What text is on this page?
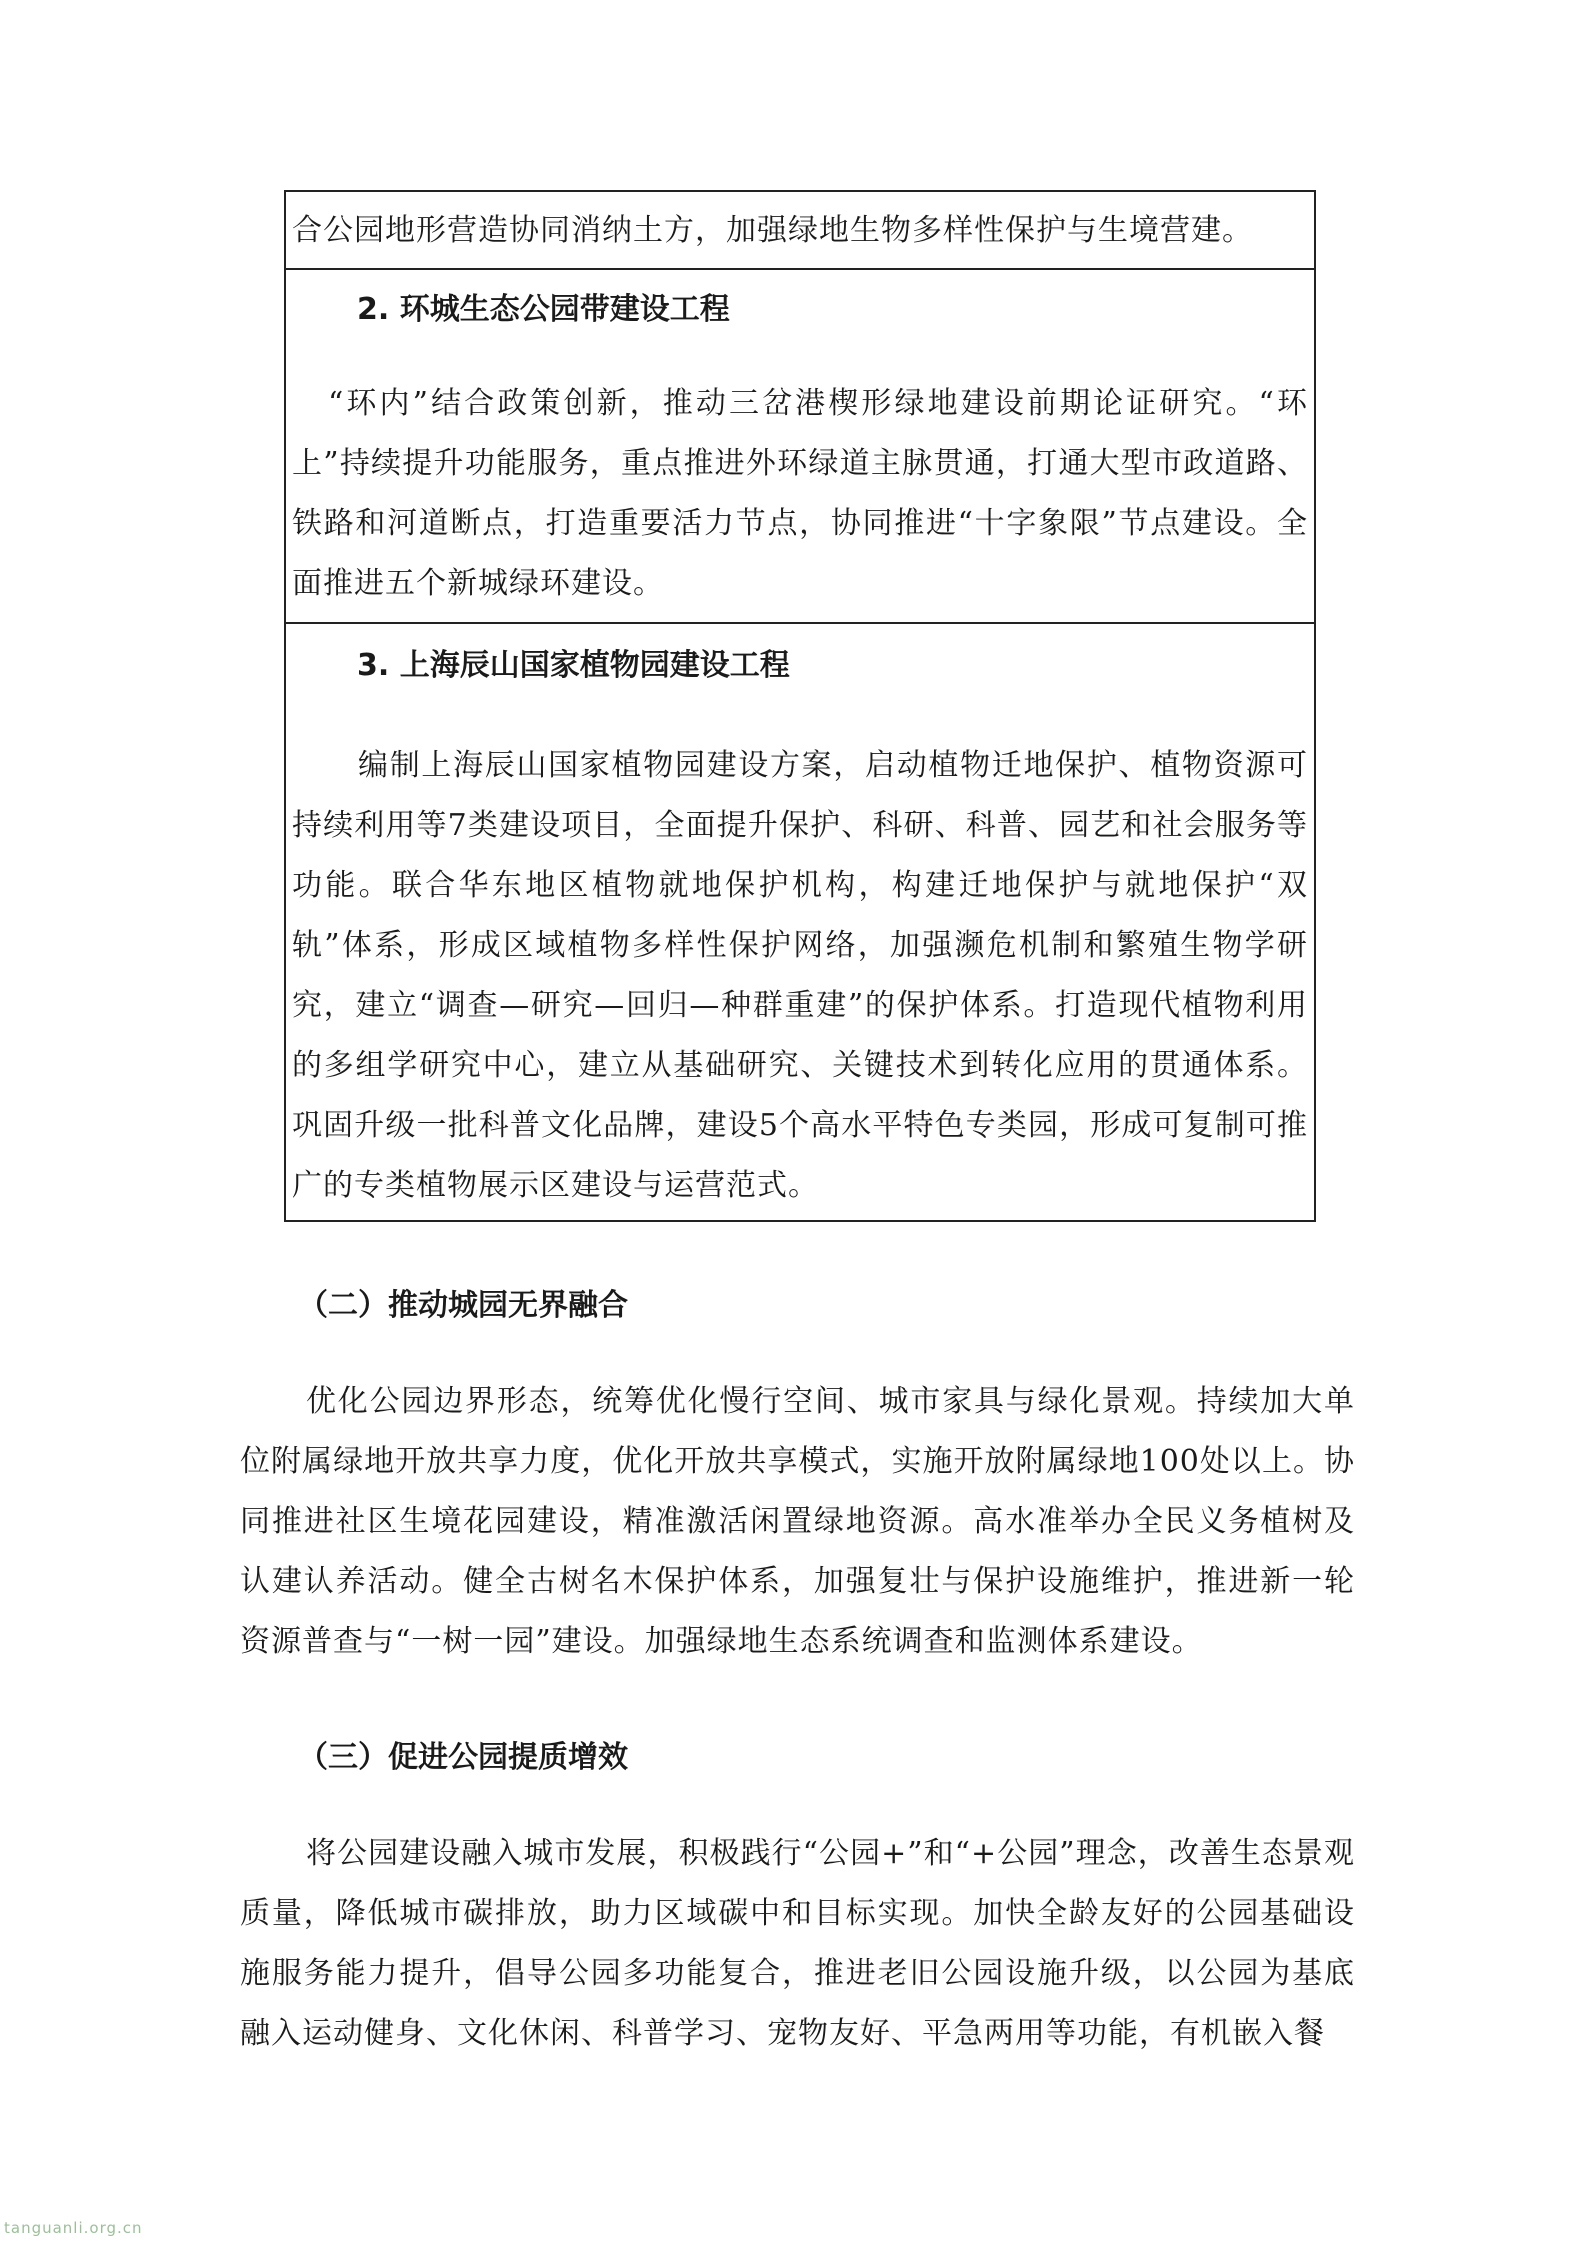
合公园地形营造协同消纳土方，加强绿地生物多样性保护与生境营建。

2. 环城生态公园带建设工程

“环内”结合政策创新，推动三岔港楔形绿地建设前期论证研究。“环上”持续提升功能服务，重点推进外环绿道主脉贯通，打通大型市政道路、铁路和河道断点，打造重要活力节点，协同推进“十字象限”节点建设。全面推进五个新城绿环建设。

3. 上海辰山国家植物园建设工程

编制上海辰山国家植物园建设方案，启动植物迁地保护、植物资源可持续利用等7类建设项目，全面提升保护、科研、科普、园艺和社会服务等功能。联合华东地区植物就地保护机构，构建迁地保护与就地保护“双轨”体系，形成区域植物多样性保护网络，加强濒危机制和繁殖生物学研究，建立“调查—研究—回归—种群重建”的保护体系。打造现代植物利用的多组学研究中心，建立从基础研究、关键技术到转化应用的贯通体系。巩固升级一批科普文化品牌，建设5个高水平特色专类园，形成可复制可推广的专类植物展示区建设与运营范式。

（二）推动城园无界融合

优化公园边界形态，统筹优化慢行空间、城市家具与绿化景观。持续加大单位附属绿地开放共享力度，优化开放共享模式，实施开放附属绿地100处以上。协同推进社区生境花园建设，精准激活闲置绿地资源。高水准举办全民义务植树及认建认养活动。健全古树名木保护体系，加强复壮与保护设施维护，推进新一轮资源普查与“一树一园”建设。加强绿地生态系统调查和监测体系建设。

（三）促进公园提质增效

将公园建设融入城市发展，积极践行“公园+”和“+公园”理念，改善生态景观质量，降低城市碳排放，助力区域碳中和目标实现。加快全龄友好的公园基础设施服务能力提升，倡导公园多功能复合，推进老旧公园设施升级，以公园为基底融入运动健身、文化休闲、科普学习、宠物友好、平急两用等功能，有机嵌入餐

tanguanli.org.cn
